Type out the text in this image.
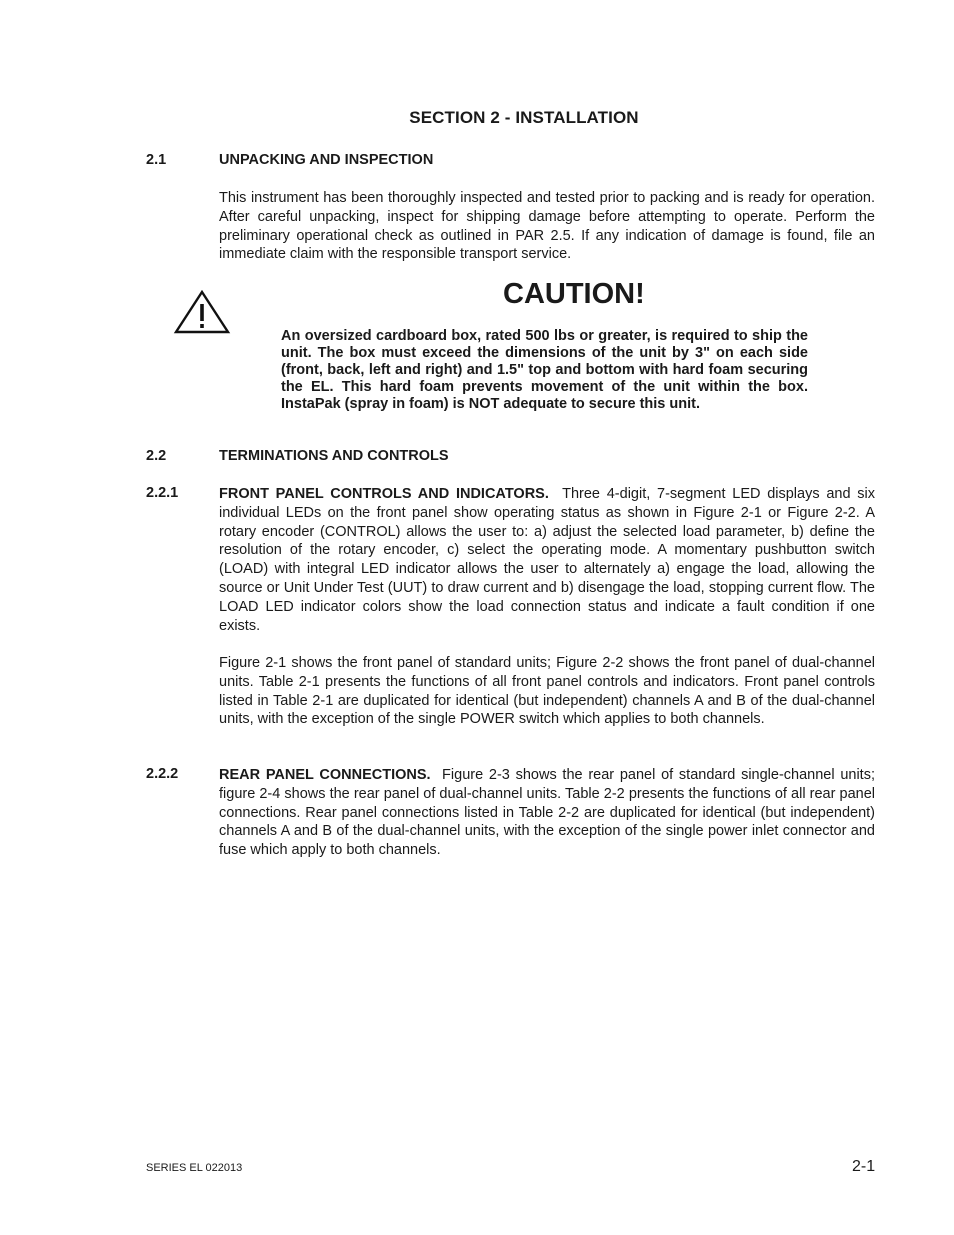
SECTION 2 - INSTALLATION
2.1	UNPACKING AND INSPECTION

This instrument has been thoroughly inspected and tested prior to packing and is ready for operation. After careful unpacking, inspect for shipping damage before attempting to operate. Perform the preliminary operational check as outlined in PAR 2.5. If any indication of damage is found, file an immediate claim with the responsible transport service.

CAUTION!

An oversized cardboard box, rated 500 lbs or greater, is required to ship the unit. The box must exceed the dimensions of the unit by 3" on each side (front, back, left and right) and 1.5" top and bottom with hard foam securing the EL. This hard foam prevents movement of the unit within the box. InstaPak (spray in foam) is NOT adequate to secure this unit.

2.2	TERMINATIONS AND CONTROLS
2.2.1	FRONT PANEL CONTROLS AND INDICATORS. Three 4-digit, 7-segment LED displays and six individual LEDs on the front panel show operating status as shown in Figure 2-1 or Figure 2-2. A rotary encoder (CONTROL) allows the user to: a) adjust the selected load parameter, b) define the resolution of the rotary encoder, c) select the operating mode. A momentary pushbutton switch (LOAD) with integral LED indicator allows the user to alternately a) engage the load, allowing the source or Unit Under Test (UUT) to draw current and b) disengage the load, stopping current flow. The LOAD LED indicator colors show the load connection status and indicate a fault condition if one exists.

Figure 2-1 shows the front panel of standard units; Figure 2-2 shows the front panel of dual-channel units. Table 2-1 presents the functions of all front panel controls and indicators. Front panel controls listed in Table 2-1 are duplicated for identical (but independent) channels A and B of the dual-channel units, with the exception of the single POWER switch which applies to both channels.

2.2.2	REAR PANEL CONNECTIONS. Figure 2-3 shows the rear panel of standard single-channel units; figure 2-4 shows the rear panel of dual-channel units. Table 2-2 presents the functions of all rear panel connections. Rear panel connections listed in Table 2-2 are duplicated for identical (but independent) channels A and B of the dual-channel units, with the exception of the single power inlet connector and fuse which apply to both channels.

SERIES EL 022013	2-1
